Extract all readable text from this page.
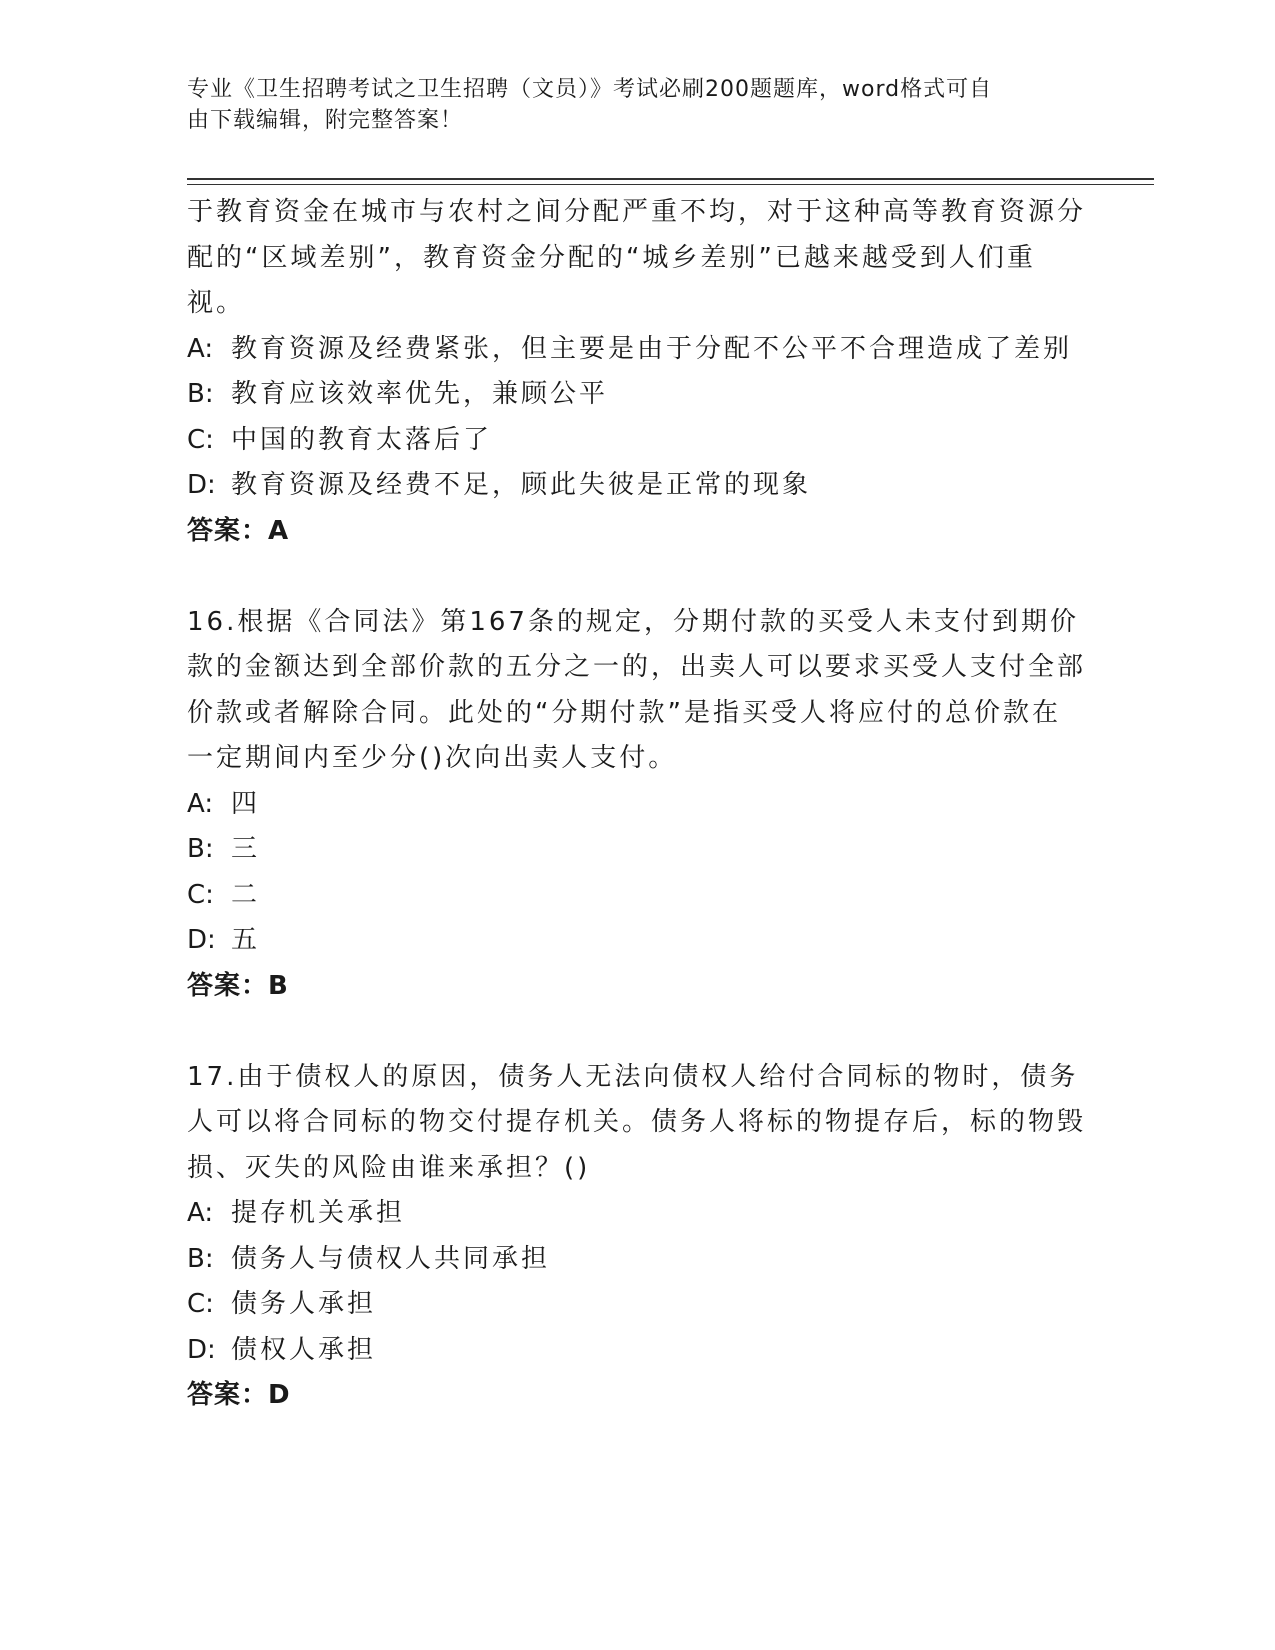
专业《卫生招聘考试之卫生招聘（文员）》考试必刷200题题库，word格式可自
由下载编辑，附完整答案！

于教育资金在城市与农村之间分配严重不均，对于这种高等教育资源分配的“区域差别”，教育资金分配的“城乡差别”已越来越受到人们重视。

A: 教育资源及经费紧张，但主要是由于分配不公平不合理造成了差别
B: 教育应该效率优先，兼顾公平
C: 中国的教育太落后了
D: 教育资源及经费不足，顾此失彼是正常的现象
答案：A

16.根据《合同法》第167条的规定，分期付款的买受人未支付到期价款的金额达到全部价款的五分之一的，出卖人可以要求买受人支付全部价款或者解除合同。此处的“分期付款”是指买受人将应付的总价款在一定期间内至少分()次向出卖人支付。

A: 四
B: 三
C: 二
D: 五
答案：B

17.由于债权人的原因，债务人无法向债权人给付合同标的物时，债务人可以将合同标的物交付提存机关。债务人将标的物提存后，标的物毁损、灭失的风险由谁来承担？()

A: 提存机关承担
B: 债务人与债权人共同承担
C: 债务人承担
D: 债权人承担
答案：D
